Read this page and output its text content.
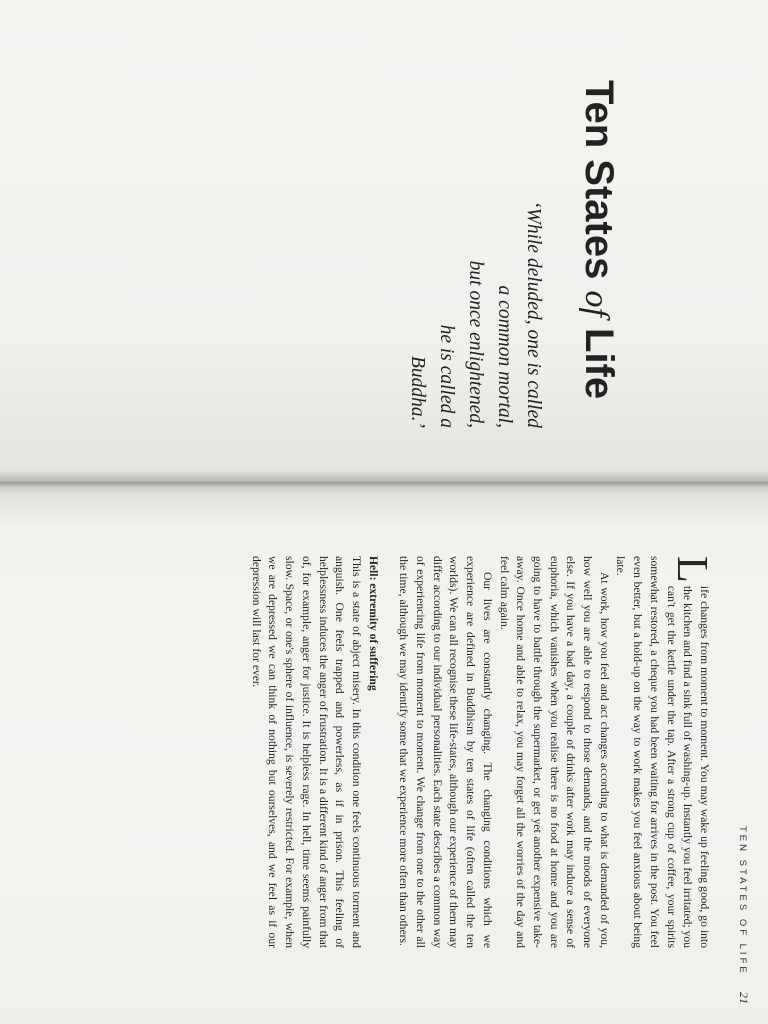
Ten States of Life
‘While deluded, one is called
a common mortal,
but once enlightened,
he is called a
Buddha.’
TEN STATES OF LIFE
21

L
ife changes from moment to moment. You may wake up feeling good, go into the kitchen and find a sink full of washing-up. Instantly you feel irritated; you can't get the kettle under the tap. After a strong cup of coffee, your spirits somewhat restored, a cheque you had been waiting for arrives in the post. You feel even better, but a hold-up on the way to work makes you feel anxious about being late.

At work, how you feel and act changes according to what is demanded of you, how well you are able to respond to those demands, and the moods of everyone else. If you have a bad day, a couple of drinks after work may induce a sense of euphoria, which vanishes when you realise there is no food at home and you are going to have to battle through the supermarket, or get yet another expensive take-away. Once home and able to relax, you may forget all the worries of the day and feel calm again.

Our lives are constantly changing. The changing conditions which we experience are defined in Buddhism by ten states of life (often called the ten worlds). We can all recognise these life-states, although our experience of them may differ according to our individual personalities. Each state describes a common way of experiencing life from moment to moment. We change from one to the other all the time, although we may identify some that we experience more often than others.

Hell: extremity of suffering

This is a state of abject misery. In this condition one feels continuous torment and anguish. One feels trapped and powerless, as if in prison. This feeling of helplessness induces the anger of frustration. It is a different kind of anger from that of, for example, anger for justice. It is helpless rage. In hell, time seems painfully slow. Space, or one's sphere of influence, is severely restricted. For example, when we are depressed we can think of nothing but ourselves, and we feel as if our depression will last for ever.
